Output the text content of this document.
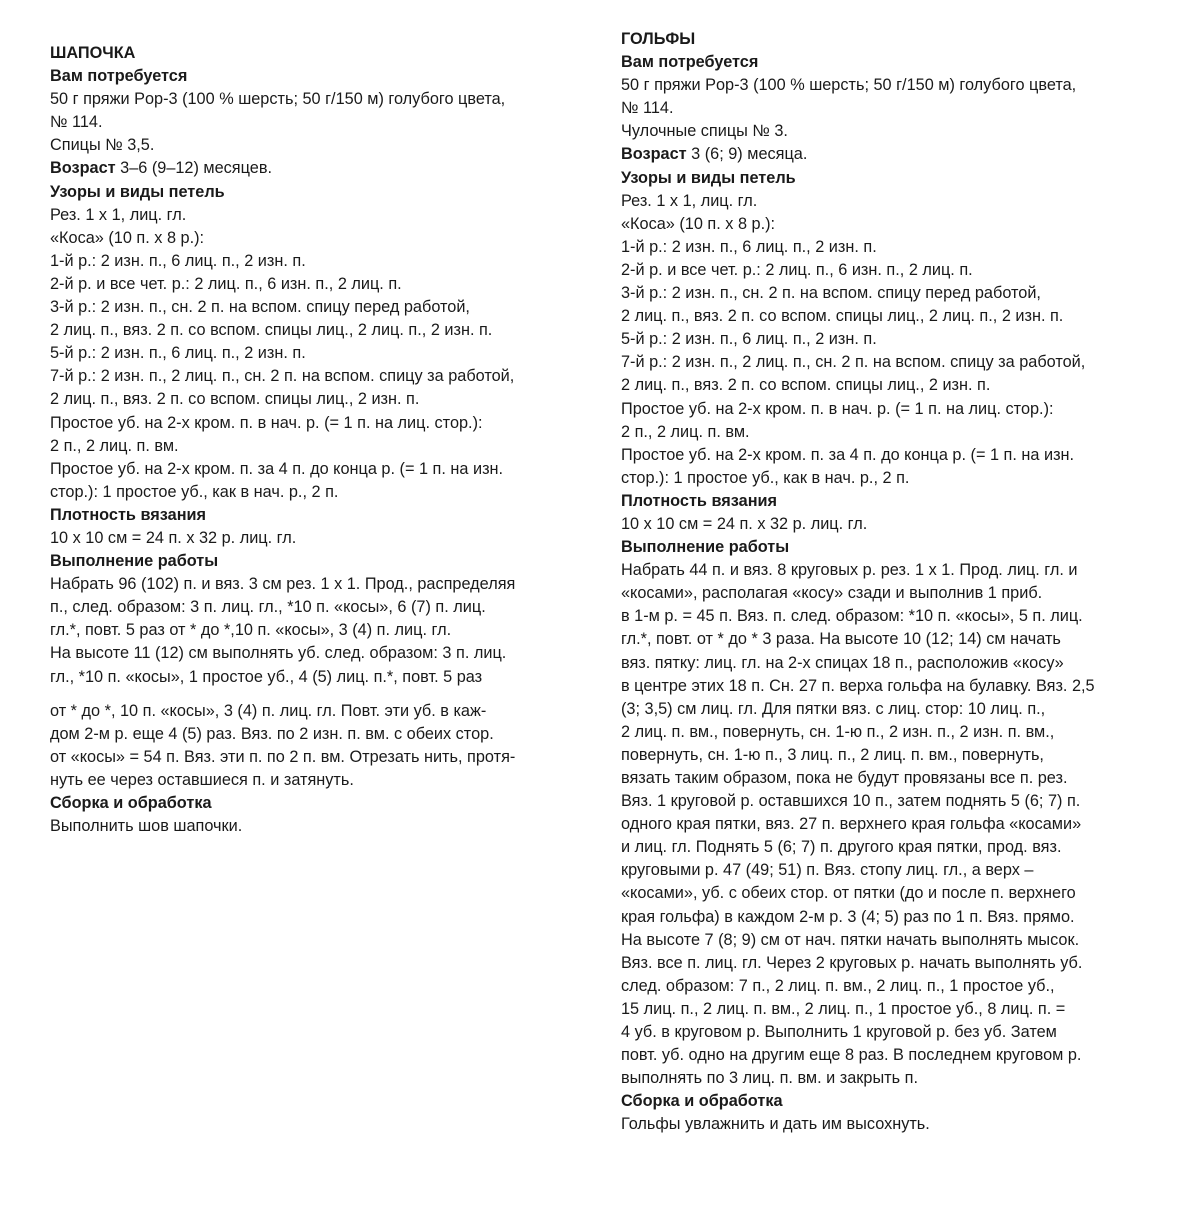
ШАПОЧКА
Вам потребуется
50 г пряжи Pop-3 (100 % шерсть; 50 г/150 м) голубого цвета,
№ 114.
Спицы № 3,5.
Возраст 3–6 (9–12) месяцев.
Узоры и виды петель
Рез. 1 х 1, лиц. гл.
«Коса» (10 п. х 8 р.):
1-й р.: 2 изн. п., 6 лиц. п., 2 изн. п.
2-й р. и все чет. р.: 2 лиц. п., 6 изн. п., 2 лиц. п.
3-й р.: 2 изн. п., сн. 2 п. на вспом. спицу перед работой,
2 лиц. п., вяз. 2 п. со вспом. спицы лиц., 2 лиц. п., 2 изн. п.
5-й р.: 2 изн. п., 6 лиц. п., 2 изн. п.
7-й р.: 2 изн. п., 2 лиц. п., сн. 2 п. на вспом. спицу за работой,
2 лиц. п., вяз. 2 п. со вспом. спицы лиц., 2 изн. п.
Простое уб. на 2-х кром. п. в нач. р. (= 1 п. на лиц. стор.):
2 п., 2 лиц. п. вм.
Простое уб. на 2-х кром. п. за 4 п. до конца р. (= 1 п. на изн.
стор.): 1 простое уб., как в нач. р., 2 п.
Плотность вязания
10 х 10 см = 24 п. х 32 р. лиц. гл.
Выполнение работы
Набрать 96 (102) п. и вяз. 3 см рез. 1 х 1. Прод., распределяя
п., след. образом: 3 п. лиц. гл., *10 п. «косы», 6 (7) п. лиц.
гл.*, повт. 5 раз от * до *,10 п. «косы», 3 (4) п. лиц. гл.
На высоте 11 (12) см выполнять уб. след. образом: 3 п. лиц.
гл., *10 п. «косы», 1 простое уб., 4 (5) лиц. п.*, повт. 5 раз
от * до *, 10 п. «косы», 3 (4) п. лиц. гл. Повт. эти уб. в каж-
дом 2-м р. еще 4 (5) раз. Вяз. по 2 изн. п. вм. с обеих стор.
от «косы» = 54 п. Вяз. эти п. по 2 п. вм. Отрезать нить, протя-
нуть ее через оставшиеся п. и затянуть.
Сборка и обработка
Выполнить шов шапочки.
ГОЛЬФЫ
Вам потребуется
50 г пряжи Pop-3 (100 % шерсть; 50 г/150 м) голубого цвета,
№ 114.
Чулочные спицы № 3.
Возраст 3 (6; 9) месяца.
Узоры и виды петель
Рез. 1 х 1, лиц. гл.
«Коса» (10 п. х 8 р.):
1-й р.: 2 изн. п., 6 лиц. п., 2 изн. п.
2-й р. и все чет. р.: 2 лиц. п., 6 изн. п., 2 лиц. п.
3-й р.: 2 изн. п., сн. 2 п. на вспом. спицу перед работой,
2 лиц. п., вяз. 2 п. со вспом. спицы лиц., 2 лиц. п., 2 изн. п.
5-й р.: 2 изн. п., 6 лиц. п., 2 изн. п.
7-й р.: 2 изн. п., 2 лиц. п., сн. 2 п. на вспом. спицу за работой,
2 лиц. п., вяз. 2 п. со вспом. спицы лиц., 2 изн. п.
Простое уб. на 2-х кром. п. в нач. р. (= 1 п. на лиц. стор.):
2 п., 2 лиц. п. вм.
Простое уб. на 2-х кром. п. за 4 п. до конца р. (= 1 п. на изн.
стор.): 1 простое уб., как в нач. р., 2 п.
Плотность вязания
10 х 10 см = 24 п. х 32 р. лиц. гл.
Выполнение работы
Набрать 44 п. и вяз. 8 круговых р. рез. 1 х 1. Прод. лиц. гл. и
«косами», располагая «косу» сзади и выполнив 1 приб.
в 1-м р. = 45 п. Вяз. п. след. образом: *10 п. «косы», 5 п. лиц.
гл.*, повт. от * до * 3 раза. На высоте 10 (12; 14) см начать
вяз. пятку: лиц. гл. на 2-х спицах 18 п., расположив «косу»
в центре этих 18 п. Сн. 27 п. верха гольфа на булавку. Вяз. 2,5
(3; 3,5) см лиц. гл. Для пятки вяз. с лиц. стор: 10 лиц. п.,
2 лиц. п. вм., повернуть, сн. 1-ю п., 2 изн. п., 2 изн. п. вм.,
повернуть, сн. 1-ю п., 3 лиц. п., 2 лиц. п. вм., повернуть,
вязать таким образом, пока не будут провязаны все п. рез.
Вяз. 1 круговой р. оставшихся 10 п., затем поднять 5 (6; 7) п.
одного края пятки, вяз. 27 п. верхнего края гольфа «косами»
и лиц. гл. Поднять 5 (6; 7) п. другого края пятки, прод. вяз.
круговыми р. 47 (49; 51) п. Вяз. стопу лиц. гл., а верх –
«косами», уб. с обеих стор. от пятки (до и после п. верхнего
края гольфа) в каждом 2-м р. 3 (4; 5) раз по 1 п. Вяз. прямо.
На высоте 7 (8; 9) см от нач. пятки начать выполнять мысок.
Вяз. все п. лиц. гл. Через 2 круговых р. начать выполнять уб.
след. образом: 7 п., 2 лиц. п. вм., 2 лиц. п., 1 простое уб.,
15 лиц. п., 2 лиц. п. вм., 2 лиц. п., 1 простое уб., 8 лиц. п. =
4 уб. в круговом р. Выполнить 1 круговой р. без уб. Затем
повт. уб. одно на другим еще 8 раз. В последнем круговом р.
выполнять по 3 лиц. п. вм. и закрыть п.
Сборка и обработка
Гольфы увлажнить и дать им высохнуть.
